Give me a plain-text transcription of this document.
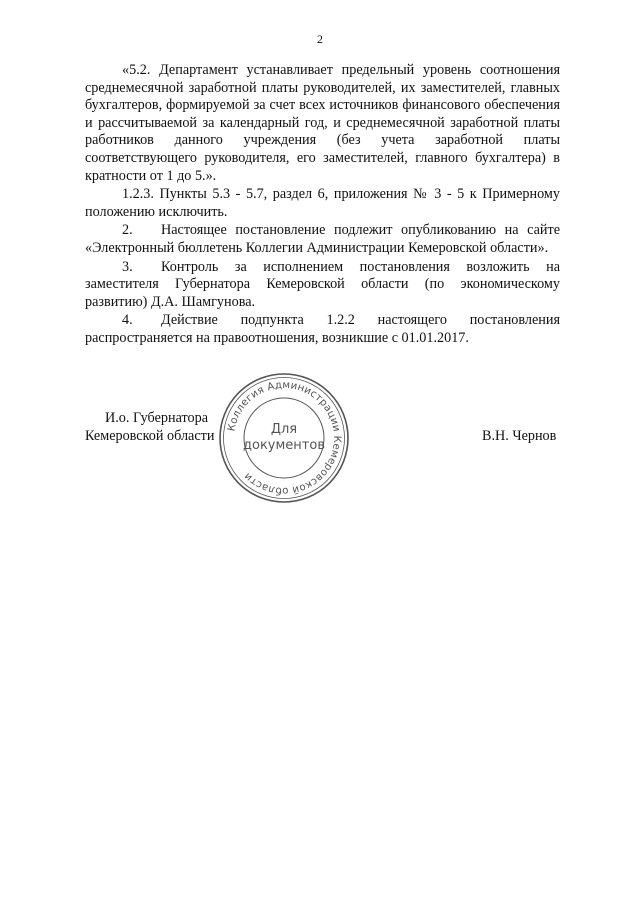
2

«5.2. Департамент устанавливает предельный уровень соотношения среднемесячной заработной платы руководителей, их заместителей, главных бухгалтеров, формируемой за счет всех источников финансового обеспечения и рассчитываемой за календарный год, и среднемесячной заработной платы работников данного учреждения (без учета заработной платы соответствующего руководителя, его заместителей, главного бухгалтера) в кратности от 1 до 5.».

1.2.3. Пункты 5.3 - 5.7, раздел 6, приложения № 3 - 5 к Примерному положению исключить.

2.  Настоящее постановление подлежит опубликованию на сайте «Электронный бюллетень Коллегии Администрации Кемеровской области».

3.  Контроль за исполнением постановления возложить на заместителя Губернатора Кемеровской области (по экономическому развитию) Д.А. Шамгунова.

4.  Действие подпункта 1.2.2 настоящего постановления распространяется на правоотношения, возникшие с 01.01.2017.

И.о. Губернатора
Кемеровской области
Коллегия Администрации Кемеровской области
Для
документов
В.Н. Чернов
